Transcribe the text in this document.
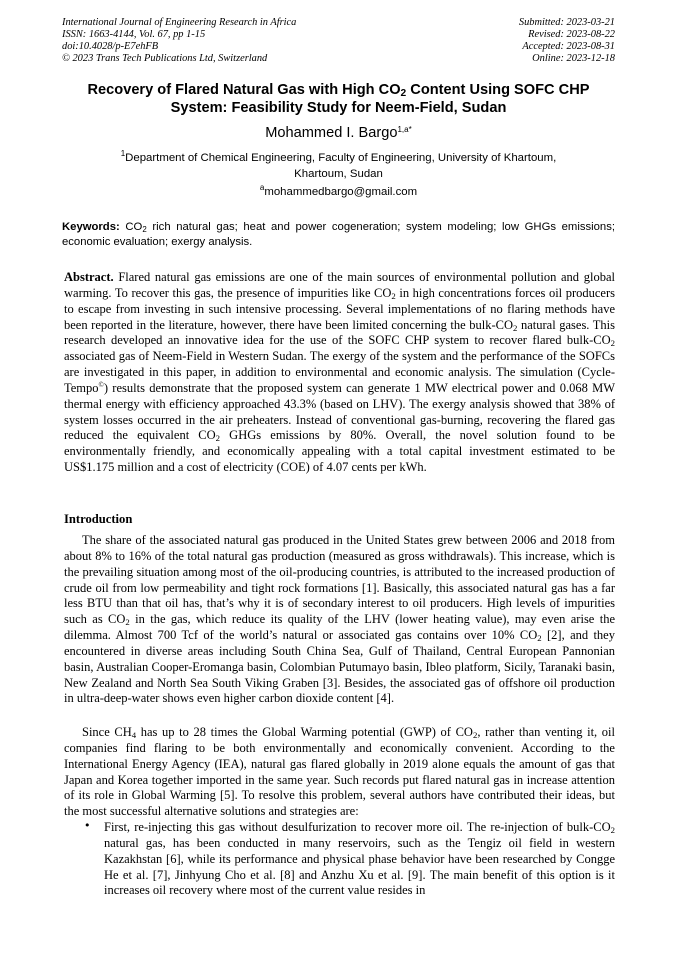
International Journal of Engineering Research in Africa
ISSN: 1663-4144, Vol. 67, pp 1-15
doi:10.4028/p-E7ehFB
© 2023 Trans Tech Publications Ltd, Switzerland
Submitted: 2023-03-21
Revised: 2023-08-22
Accepted: 2023-08-31
Online: 2023-12-18
Recovery of Flared Natural Gas with High $CO_2$ Content Using SOFC CHP
System: Feasibility Study for Neem-Field, Sudan
Mohammed I. Bargo$^{1,a*}$
$^1$Department of Chemical Engineering, Faculty of Engineering, University of Khartoum,
Khartoum, Sudan
$^a$mohammedbargo@gmail.com
Keywords: $CO_2$ rich natural gas; heat and power cogeneration; system modeling; low GHGs emissions; economic evaluation; exergy analysis.

Abstract. Flared natural gas emissions are one of the main sources of environmental pollution and global warming. To recover this gas, the presence of impurities like $CO_2$ in high concentrations forces oil producers to escape from investing in such intensive processing. Several implementations of no flaring methods have been reported in the literature, however, there have been limited concerning the bulk-$CO_2$ natural gases. This research developed an innovative idea for the use of the SOFC CHP system to recover flared bulk-$CO_2$ associated gas of Neem-Field in Western Sudan. The exergy of the system and the performance of the SOFCs are investigated in this paper, in addition to environmental and economic analysis. The simulation (Cycle-Tempo©) results demonstrate that the proposed system can generate 1 MW electrical power and 0.068 MW thermal energy with efficiency approached 43.3% (based on LHV). The exergy analysis showed that 38% of system losses occurred in the air preheaters. Instead of conventional gas-burning, recovering the flared gas reduced the equivalent $CO_2$ GHGs emissions by 80%. Overall, the novel solution found to be environmentally friendly, and economically appealing with a total capital investment estimated to be US$1.175 million and a cost of electricity (COE) of 4.07 cents per kWh.

Introduction

The share of the associated natural gas produced in the United States grew between 2006 and 2018 from about 8% to 16% of the total natural gas production (measured as gross withdrawals). This increase, which is the prevailing situation among most of the oil-producing countries, is attributed to the increased production of crude oil from low permeability and tight rock formations [1]. Basically, this associated natural gas has a far less BTU than that oil has, that’s why it is of secondary interest to oil producers. High levels of impurities such as $CO_2$ in the gas, which reduce its quality of the LHV (lower heating value), may even arise the dilemma. Almost 700 Tcf of the world’s natural or associated gas contains over 10% $CO_2$ [2], and they encountered in diverse areas including South China Sea, Gulf of Thailand, Central European Pannonian basin, Australian Cooper-Eromanga basin, Colombian Putumayo basin, Ibleo platform, Sicily, Taranaki basin, New Zealand and North Sea South Viking Graben [3]. Besides, the associated gas of offshore oil production in ultra-deep-water shows even higher carbon dioxide content [4].

Since $CH_4$ has up to 28 times the Global Warming potential (GWP) of $CO_2$, rather than venting it, oil companies find flaring to be both environmentally and economically convenient. According to the International Energy Agency (IEA), natural gas flared globally in 2019 alone equals the amount of gas that Japan and Korea together imported in the same year. Such records put flared natural gas in increase attention of its role in Global Warming [5]. To resolve this problem, several authors have contributed their ideas, but the most successful alternative solutions and strategies are:

• First, re-injecting this gas without desulfurization to recover more oil. The re-injection of bulk-$CO_2$ natural gas, has been conducted in many reservoirs, such as the Tengiz oil field in western Kazakhstan [6], while its performance and physical phase behavior have been researched by Congge He et al. [7], Jinhyung Cho et al. [8] and Anzhu Xu et al. [9]. The main benefit of this option is it increases oil recovery where most of the current value resides in
